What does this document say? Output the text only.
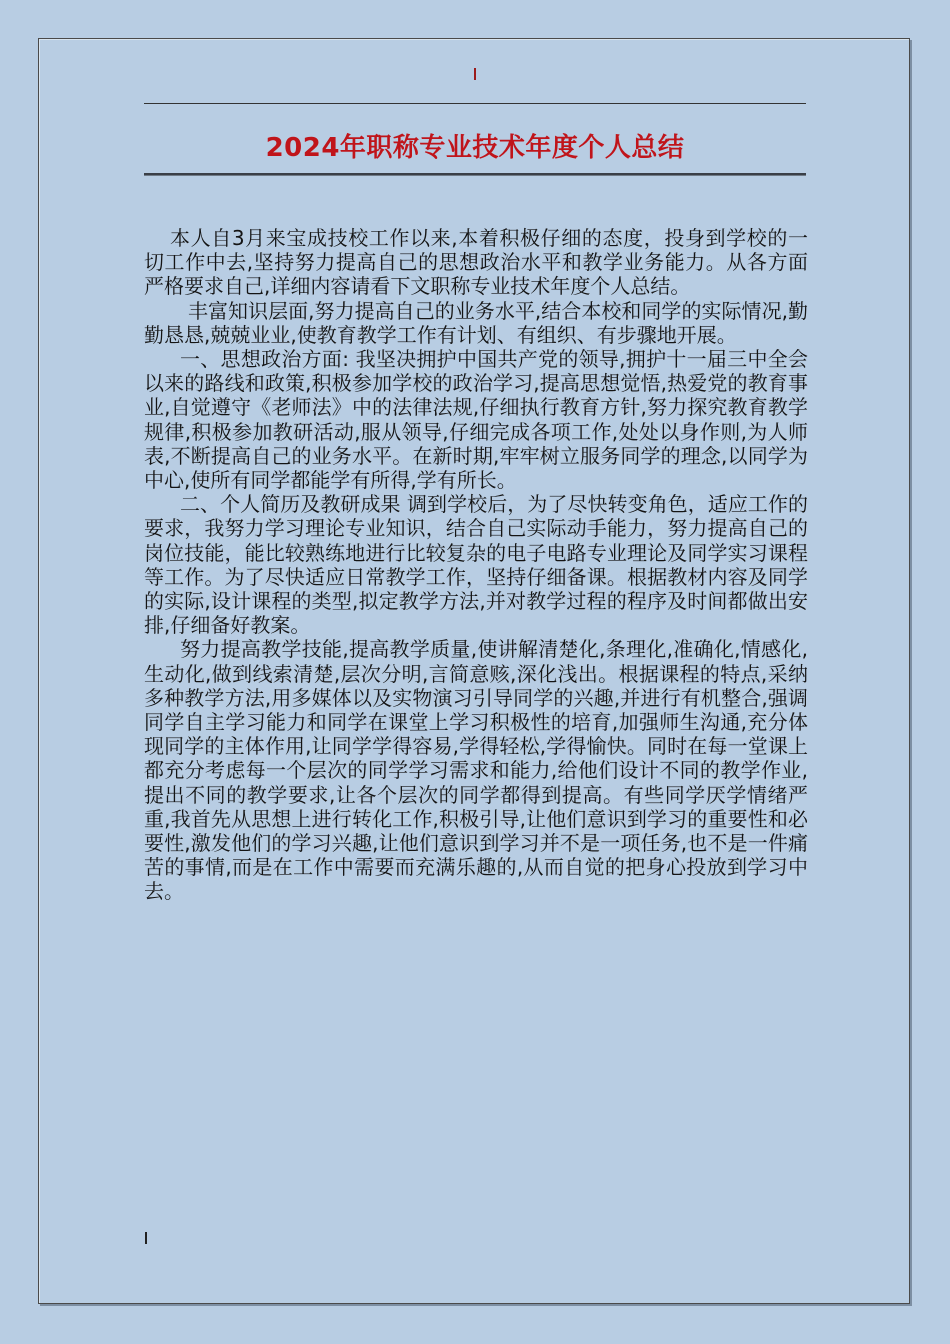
2024年职称专业技术年度个人总结

本人自3月来宝成技校工作以来,本着积极仔细的态度，投身到学校的一切工作中去,坚持努力提高自己的思想政治水平和教学业务能力。从各方面严格要求自己,详细内容请看下文职称专业技术年度个人总结。

丰富知识层面,努力提高自己的业务水平,结合本校和同学的实际情况,勤勤恳恳,兢兢业业,使教育教学工作有计划、有组织、有步骤地开展。

一、思想政治方面: 我坚决拥护中国共产党的领导,拥护十一届三中全会以来的路线和政策,积极参加学校的政治学习,提高思想觉悟,热爱党的教育事业,自觉遵守《老师法》中的法律法规,仔细执行教育方针,努力探究教育教学规律,积极参加教研活动,服从领导,仔细完成各项工作,处处以身作则,为人师表,不断提高自己的业务水平。在新时期,牢牢树立服务同学的理念,以同学为中心,使所有同学都能学有所得,学有所长。

二、个人简历及教研成果 调到学校后，为了尽快转变角色，适应工作的要求，我努力学习理论专业知识，结合自己实际动手能力，努力提高自己的岗位技能，能比较熟练地进行比较复杂的电子电路专业理论及同学实习课程等工作。为了尽快适应日常教学工作，坚持仔细备课。根据教材内容及同学的实际,设计课程的类型,拟定教学方法,并对教学过程的程序及时间都做出安排,仔细备好教案。

努力提高教学技能,提高教学质量,使讲解清楚化,条理化,准确化,情感化,生动化,做到线索清楚,层次分明,言简意赅,深化浅出。根据课程的特点,采纳多种教学方法,用多媒体以及实物演习引导同学的兴趣,并进行有机整合,强调同学自主学习能力和同学在课堂上学习积极性的培育,加强师生沟通,充分体现同学的主体作用,让同学学得容易,学得轻松,学得愉快。同时在每一堂课上都充分考虑每一个层次的同学学习需求和能力,给他们设计不同的教学作业,提出不同的教学要求,让各个层次的同学都得到提高。有些同学厌学情绪严重,我首先从思想上进行转化工作,积极引导,让他们意识到学习的重要性和必要性,激发他们的学习兴趣,让他们意识到学习并不是一项任务,也不是一件痛苦的事情,而是在工作中需要而充满乐趣的,从而自觉的把身心投放到学习中去。
